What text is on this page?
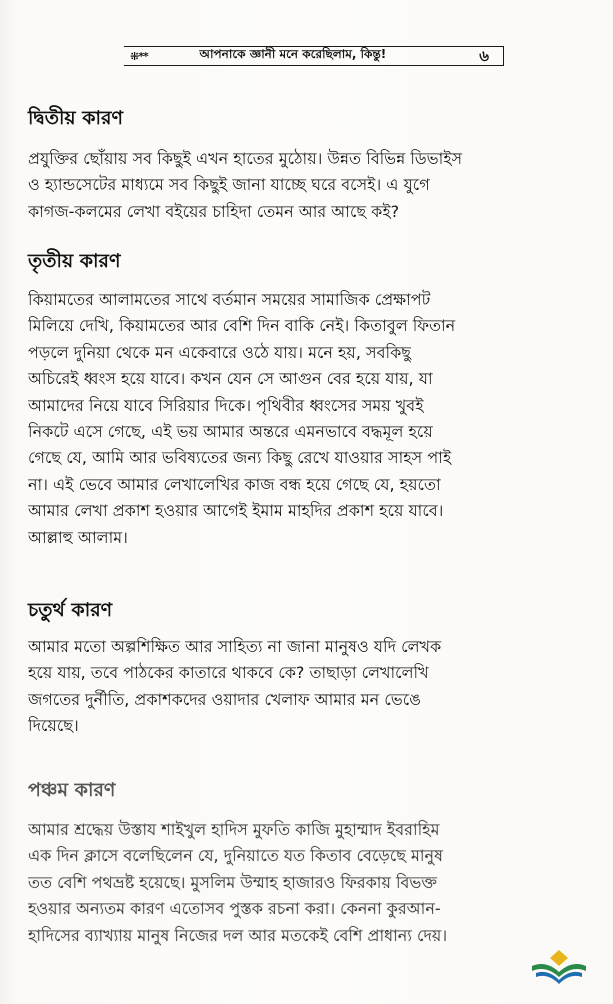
⁜**	আপনাকে জ্ঞানী মনে করেছিলাম, কিন্তু!	৬
দ্বিতীয় কারণ
প্রযুক্তির ছোঁয়ায় সব কিছুই এখন হাতের মুঠোয়। উন্নত বিভিন্ন ডিভাইস
ও হ্যান্ডসেটের মাধ্যমে সব কিছুই জানা যাচ্ছে ঘরে বসেই। এ যুগে
কাগজ-কলমের লেখা বইয়ের চাহিদা তেমন আর আছে কই?
তৃতীয় কারণ
কিয়ামতের আলামতের সাথে বর্তমান সময়ের সামাজিক প্রেক্ষাপট
মিলিয়ে দেখি, কিয়ামতের আর বেশি দিন বাকি নেই। কিতাবুল ফিতান
পড়লে দুনিয়া থেকে মন একেবারে ওঠে যায়। মনে হয়, সবকিছু
অচিরেই ধ্বংস হয়ে যাবে। কখন যেন সে আগুন বের হয়ে যায়, যা
আমাদের নিয়ে যাবে সিরিয়ার দিকে। পৃথিবীর ধ্বংসের সময় খুবই
নিকটে এসে গেছে, এই ভয় আমার অন্তরে এমনভাবে বদ্ধমূল হয়ে
গেছে যে, আমি আর ভবিষ্যতের জন্য কিছু রেখে যাওয়ার সাহস পাই
না। এই ভেবে আমার লেখালেখির কাজ বন্ধ হয়ে গেছে যে, হয়তো
আমার লেখা প্রকাশ হওয়ার আগেই ইমাম মাহদির প্রকাশ হয়ে যাবে।
আল্লাহু আলাম।
চতুর্থ কারণ
আমার মতো অল্পশিক্ষিত আর সাহিত্য না জানা মানুষও যদি লেখক
হয়ে যায়, তবে পাঠকের কাতারে থাকবে কে? তাছাড়া লেখালেখি
জগতের দুর্নীতি, প্রকাশকদের ওয়াদার খেলাফ আমার মন ভেঙে
দিয়েছে।
পঞ্চম কারণ
আমার শ্রদ্ধেয় উস্তায শাইখুল হাদিস মুফতি কাজি মুহাম্মাদ ইবরাহিম
এক দিন ক্লাসে বলেছিলেন যে, দুনিয়াতে যত কিতাব বেড়েছে মানুষ
তত বেশি পথভ্রষ্ট হয়েছে। মুসলিম উম্মাহ হাজারও ফিরকায় বিভক্ত
হওয়ার অন্যতম কারণ এতোসব পুস্তক রচনা করা। কেননা কুরআন-
হাদিসের ব্যাখ্যায় মানুষ নিজের দল আর মতকেই বেশি প্রাধান্য দেয়।
